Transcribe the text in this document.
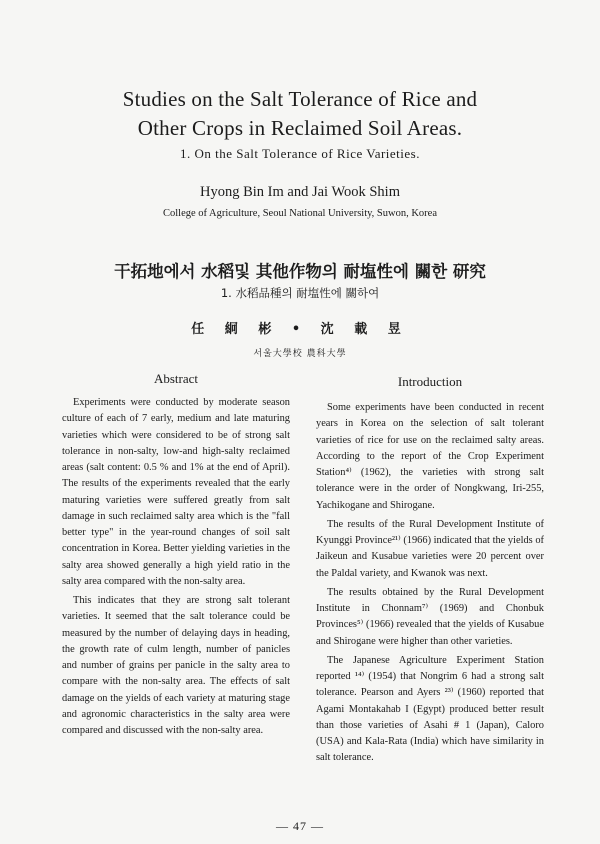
Studies on the Salt Tolerance of Rice and
Other Crops in Reclaimed Soil Areas.
1. On the Salt Tolerance of Rice Varieties.
Hyong Bin Im and Jai Wook Shim
College of Agriculture, Seoul National University, Suwon, Korea
干拓地에서 水稻및 其他作物의 耐塩性에 關한 研究
1. 水稻品種의 耐塩性에 關하여
任 絅 彬 • 沈 載 昱
서울大學校 農科大學
Abstract

Experiments were conducted by moderate season culture of each of 7 early, medium and late maturing varieties which were considered to be of strong salt tolerance in non-salty, low-and high-salty reclaimed areas (salt content: 0.5 % and 1% at the end of April). The results of the experiments revealed that the early maturing varieties were suffered greatly from salt damage in such reclaimed salty area which is the "fall better type" in the year-round changes of soil salt concentration in Korea. Better yielding varieties in the salty area showed generally a high yield ratio in the salty area compared with the non-salty area.

This indicates that they are strong salt tolerant varieties. It seemed that the salt tolerance could be measured by the number of delaying days in heading, the growth rate of culm length, number of panicles and number of grains per panicle in the salty area to compare with the non-salty area. The effects of salt damage on the yields of each variety at maturing stage and agronomic characteristics in the salty area were compared and discussed with the non-salty area.

Introduction

Some experiments have been conducted in recent years in Korea on the selection of salt tolerant varieties of rice for use on the reclaimed salty areas. According to the report of the Crop Experiment Station⁴⁾ (1962), the varieties with strong salt tolerance were in the order of Nongkwang, Iri-255, Yachikogane and Shirogane.

The results of the Rural Development Institute of Kyunggi Province²¹⁾ (1966) indicated that the yields of Jaikeun and Kusabue varieties were 20 percent over the Paldal variety, and Kwanok was next.

The results obtained by the Rural Development Institute in Chonnam⁷⁾ (1969) and Chonbuk Provinces⁵⁾ (1966) revealed that the yields of Kusabue and Shirogane were higher than other varieties.

The Japanese Agriculture Experiment Station reported ¹⁴⁾ (1954) that Nongrim 6 had a strong salt tolerance. Pearson and Ayers ²³⁾ (1960) reported that Agami Montakahab I (Egypt) produced better result than those varieties of Asahi # 1 (Japan), Caloro (USA) and Kala-Rata (India) which have similarity in salt tolerance.

— 47 —
